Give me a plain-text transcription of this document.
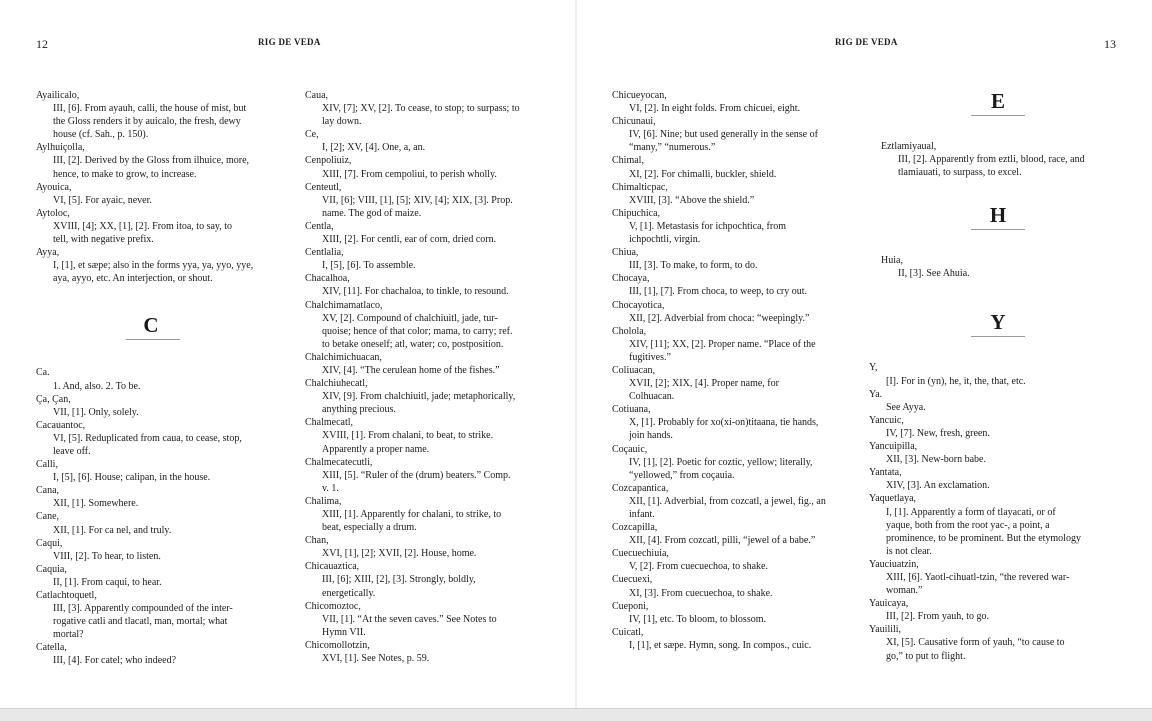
12	RIG DE VEDA	RIG DE VEDA	13
Ayailicalo,
III, [6]. From ayauh, calli, the house of mist, but
the Gloss renders it by auicalo, the fresh, dewy
house (cf. Sah., p. 150).
Aylhuiçolla,
III, [2]. Derived by the Gloss from ilhuice, more,
hence, to make to grow, to increase.
Ayouica,
VI, [5]. For ayaic, never.
Aytoloc,
XVIII, [4]; XX, [1], [2]. From itoa, to say, to
tell, with negative prefix.
Ayya,
I, [1], et sæpe; also in the forms yya, ya, yyo, yye,
aya, ayyo, etc. An interjection, or shout.
C
Ca.
1. And, also. 2. To be.
Ça, Çan,
VII, [1]. Only, solely.
Cacauantoc,
VI, [5]. Reduplicated from caua, to cease, stop,
leave off.
Calli,
I, [5], [6]. House; calipan, in the house.
Cana,
XII, [1]. Somewhere.
Cane,
XII, [1]. For ca nel, and truly.
Caqui,
VIII, [2]. To hear, to listen.
Caquia,
II, [1]. From caqui, to hear.
Catlachtoquetl,
III, [3]. Apparently compounded of the inter-
rogative catli and tlacatl, man, mortal; what
mortal?
Catella,
III, [4]. For catel; who indeed?
Caua,
XIV, [7]; XV, [2]. To cease, to stop; to surpass; to
lay down.
Ce,
I, [2]; XV, [4]. One, a, an.
Cenpoliuiz,
XIII, [7]. From cempoliui, to perish wholly.
Centeutl,
VII, [6]; VIII, [1], [5]; XIV, [4]; XIX, [3]. Prop.
name. The god of maize.
Centla,
XIII, [2]. For centli, ear of corn, dried corn.
Centlalia,
I, [5], [6]. To assemble.
Chacalhoa,
XIV, [11]. For chachaloa, to tinkle, to resound.
Chalchimamatlaco,
XV, [2]. Compound of chalchiuitl, jade, tur-
quoise; hence of that color; mama, to carry; ref.
to betake oneself; atl, water; co, postposition.
Chalchimichuacan,
XIV, [4]. “The cerulean home of the fishes.”
Chalchiuhecatl,
XIV, [9]. From chalchiuitl, jade; metaphorically,
anything precious.
Chalmecatl,
XVIII, [1]. From chalani, to beat, to strike.
Apparently a proper name.
Chalmecatecutli,
XIII, [5]. “Ruler of the (drum) beaters.” Comp.
v. 1.
Chalima,
XIII, [1]. Apparently for chalani, to strike, to
beat, especially a drum.
Chan,
XVI, [1], [2]; XVII, [2]. House, home.
Chicauaztica,
III, [6]; XIII, [2], [3]. Strongly, boldly,
energetically.
Chicomoztoc,
VII, [1]. “At the seven caves.” See Notes to
Hymn VII.
Chicomollotzin,
XVI, [1]. See Notes, p. 59.
Chicueyocan,
VI, [2]. In eight folds. From chicuei, eight.
Chicunaui,
IV, [6]. Nine; but used generally in the sense of
“many,” “numerous.”
Chimal,
XI, [2]. For chimalli, buckler, shield.
Chimalticpac,
XVIII, [3]. “Above the shield.”
Chipuchica,
V, [1]. Metastasis for ichpochtica, from
ichpochtli, virgin.
Chiua,
III, [3]. To make, to form, to do.
Chocaya,
III, [1], [7]. From choca, to weep, to cry out.
Chocayotica,
XII, [2]. Adverbial from choca: “weepingly.”
Cholola,
XIV, [11]; XX, [2]. Proper name. “Place of the
fugitives.”
Coliuacan,
XVII, [2]; XIX, [4]. Proper name, for
Colhuacan.
Cotiuana,
X, [1]. Probably for xo(xi-on)titaana, tie hands,
join hands.
Coçauic,
IV, [1], [2]. Poetic for coztic, yellow; literally,
“yellowed,” from coçauia.
Cozcapantica,
XII, [1]. Adverbial, from cozcatl, a jewel, fig., an
infant.
Cozcapilla,
XII, [4]. From cozcatl, pilli, “jewel of a babe.”
Cuecuechiuia,
V, [2]. From cuecuechoa, to shake.
Cuecuexi,
XI, [3]. From cuecuechoa, to shake.
Cueponi,
IV, [1], etc. To bloom, to blossom.
Cuicatl,
I, [1], et sæpe. Hymn, song. In compos., cuic.
E
Eztlamiyaual,
III, [2]. Apparently from eztli, blood, race, and
tlamiauati, to surpass, to excel.
H
Huia,
II, [3]. See Ahuia.
Y
Y,
[I]. For in (yn), he, it, the, that, etc.
Ya.
See Ayya.
Yancuic,
IV, [7]. New, fresh, green.
Yancuipilla,
XII, [3]. New-born babe.
Yantata,
XIV, [3]. An exclamation.
Yaquetlaya,
I, [1]. Apparently a form of tlayacati, or of
yaque, both from the root yac-, a point, a
prominence, to be prominent. But the etymology
is not clear.
Yauciuatzin,
XIII, [6]. Yaotl-cihuatl-tzin, “the revered war-
woman.”
Yauicaya,
III, [2]. From yauh, to go.
Yauilili,
XI, [5]. Causative form of yauh, “to cause to
go,” to put to flight.
